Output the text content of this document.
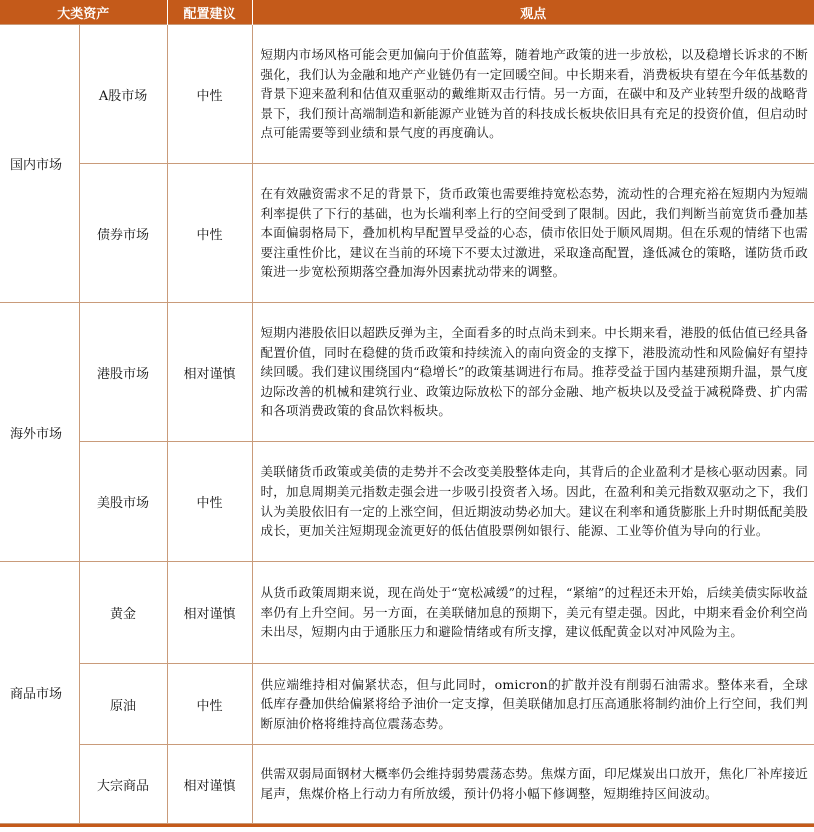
大类资产		配置建议	观点
国内市场	A股市场	中性	短期内市场风格可能会更加偏向于价值蓝筹，随着地产政策的进一步放松，以及稳增长诉求的不断强化，我们认为金融和地产产业链仍有一定回暖空间。中长期来看，消费板块有望在今年低基数的背景下迎来盈利和估值双重驱动的戴维斯双击行情。另一方面，在碳中和及产业转型升级的战略背景下，我们预计高端制造和新能源产业链为首的科技成长板块依旧具有充足的投资价值，但启动时点可能需要等到业绩和景气度的再度确认。
	债券市场	中性	在有效融资需求不足的背景下，货币政策也需要维持宽松态势，流动性的合理充裕在短期内为短端利率提供了下行的基础，也为长端利率上行的空间受到了限制。因此，我们判断当前宽货币叠加基本面偏弱格局下，叠加机构早配置早受益的心态，债市依旧处于顺风周期。但在乐观的情绪下也需要注重性价比，建议在当前的环境下不要太过激进，采取逢高配置，逢低减仓的策略，谨防货币政策进一步宽松预期落空叠加海外因素扰动带来的调整。
海外市场	港股市场	相对谨慎	短期内港股依旧以超跌反弹为主，全面看多的时点尚未到来。中长期来看，港股的低估值已经具备配置价值，同时在稳健的货币政策和持续流入的南向资金的支撑下，港股流动性和风险偏好有望持续回暖。我们建议围绕国内“稳增长”的政策基调进行布局。推荐受益于国内基建预期升温，景气度边际改善的机械和建筑行业、政策边际放松下的部分金融、地产板块以及受益于减税降费、扩内需和各项消费政策的食品饮料板块。
	美股市场	中性	美联储货币政策或美债的走势并不会改变美股整体走向，其背后的企业盈利才是核心驱动因素。同时，加息周期美元指数走强会进一步吸引投资者入场。因此，在盈利和美元指数双驱动之下，我们认为美股依旧有一定的上涨空间，但近期波动势必加大。建议在利率和通货膨胀上升时期低配美股成长，更加关注短期现金流更好的低估值股票例如银行、能源、工业等价值为导向的行业。
商品市场	黄金	相对谨慎	从货币政策周期来说，现在尚处于“宽松减缓”的过程，“紧缩”的过程还未开始，后续美债实际收益率仍有上升空间。另一方面，在美联储加息的预期下，美元有望走强。因此，中期来看金价利空尚未出尽，短期内由于通胀压力和避险情绪或有所支撑，建议低配黄金以对冲风险为主。
	原油	中性	供应端维持相对偏紧状态，但与此同时，omicron的扩散并没有削弱石油需求。整体来看，全球低库存叠加供给偏紧将给予油价一定支撑，但美联储加息打压高通胀将制约油价上行空间，我们判断原油价格将维持高位震荡态势。
	大宗商品	相对谨慎	供需双弱局面钢材大概率仍会维持弱势震荡态势。焦煤方面，印尼煤炭出口放开，焦化厂补库接近尾声，焦煤价格上行动力有所放缓，预计仍将小幅下修调整，短期维持区间波动。
